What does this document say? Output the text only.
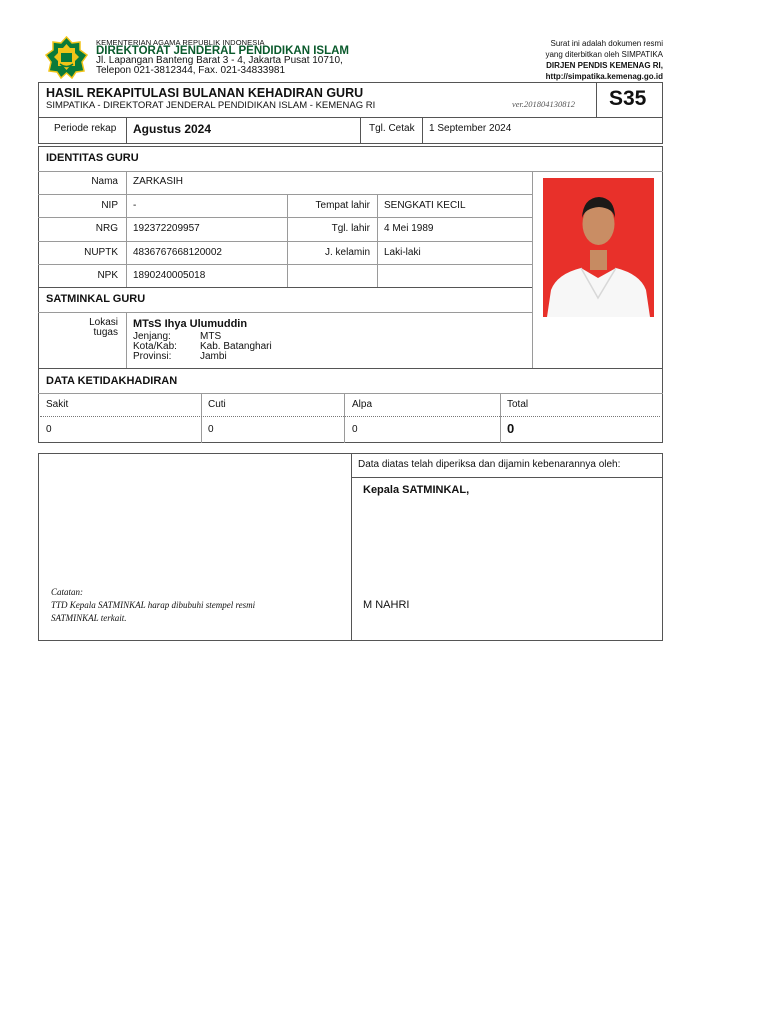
KEMENTERIAN AGAMA REPUBLIK INDONESIA
DIREKTORAT JENDERAL PENDIDIKAN ISLAM
Jl. Lapangan Banteng Barat 3 - 4, Jakarta Pusat 10710,
Telepon 021-3812344, Fax. 021-34833981
Surat ini adalah dokumen resmi
yang diterbitkan oleh SIMPATIKA
DIRJEN PENDIS KEMENAG RI,
http://simpatika.kemenag.go.id
HASIL REKAPITULASI BULANAN KEHADIRAN GURU
SIMPATIKA - DIREKTORAT JENDERAL PENDIDIKAN ISLAM - KEMENAG RI	ver.201804130812 S35
Periode rekap Agustus 2024	Tgl. Cetak 1 September 2024
IDENTITAS GURU
Nama ZARKASIH
NIP -	Tempat lahir SENGKATI KECIL
NRG 192372209957	Tgl. lahir 4 Mei 1989
NUPTK 4836767668120002	J. kelamin Laki-laki
NPK 1890240005018
SATMINKAL GURU
Lokasi
tugas
MTsS Ihya Ulumuddin
Jenjang:	MTS
Kota/Kab: Kab. Batanghari
Provinsi:	Jambi
DATA KETIDAKHADIRAN
Sakit	Cuti	Alpa	Total
0	0	0	0
Catatan:
TTD Kepala SATMINKAL harap dibubuhi stempel resmi
SATMINKAL terkait.
Data diatas telah diperiksa dan dijamin kebenarannya oleh:
Kepala SATMINKAL,
M NAHRI
